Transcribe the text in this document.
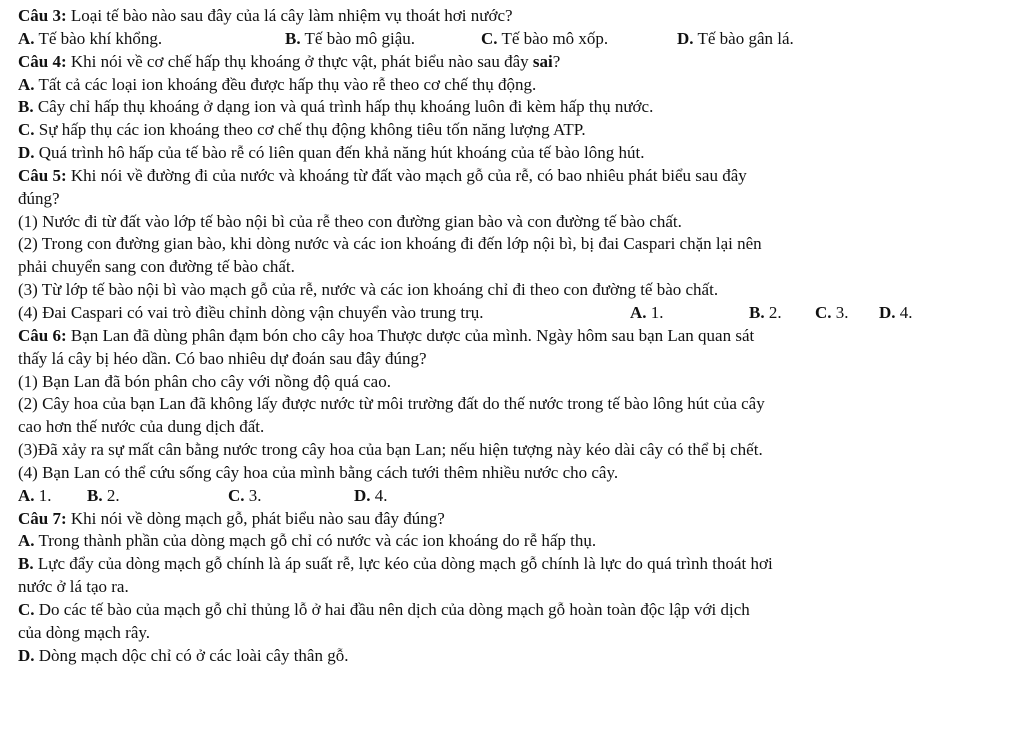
Câu 3: Loại tế bào nào sau đây của lá cây làm nhiệm vụ thoát hơi nước?
A. Tế bào khí khổng.	B. Tế bào mô giậu.	C. Tế bào mô xốp.	D. Tế bào gân lá.
Câu 4: Khi nói về cơ chế hấp thụ khoáng ở thực vật, phát biểu nào sau đây sai?
A. Tất cả các loại ion khoáng đều được hấp thụ vào rễ theo cơ chế thụ động.
B. Cây chỉ hấp thụ khoáng ở dạng ion và quá trình hấp thụ khoáng luôn đi kèm hấp thụ nước.
C. Sự hấp thụ các ion khoáng theo cơ chế thụ động không tiêu tốn năng lượng ATP.
D. Quá trình hô hấp của tế bào rễ có liên quan đến khả năng hút khoáng của tế bào lông hút.
Câu 5: Khi nói về đường đi của nước và khoáng từ đất vào mạch gỗ của rễ, có bao nhiêu phát biểu sau đây
đúng?
(1) Nước đi từ đất vào lớp tế bào nội bì của rễ theo con đường gian bào và con đường tế bào chất.
(2) Trong con đường gian bào, khi dòng nước và các ion khoáng đi đến lớp nội bì, bị đai Caspari chặn lại nên
phải chuyển sang con đường tế bào chất.
(3) Từ lớp tế bào nội bì vào mạch gỗ của rễ, nước và các ion khoáng chỉ đi theo con đường tế bào chất.
(4) Đai Caspari có vai trò điều chỉnh dòng vận chuyển vào trung trụ.	A. 1.	B. 2. C. 3. D. 4.
Câu 6: Bạn Lan đã dùng phân đạm bón cho cây hoa Thược dược của mình. Ngày hôm sau bạn Lan quan sát
thấy lá cây bị héo dần. Có bao nhiêu dự đoán sau đây đúng?
(1) Bạn Lan đã bón phân cho cây với nồng độ quá cao.
(2) Cây hoa của bạn Lan đã không lấy được nước từ môi trường đất do thế nước trong tế bào lông hút của cây
cao hơn thế nước của dung dịch đất.
(3)Đã xảy ra sự mất cân bằng nước trong cây hoa của bạn Lan; nếu hiện tượng này kéo dài cây có thể bị chết.
(4) Bạn Lan có thể cứu sống cây hoa của mình bằng cách tưới thêm nhiều nước cho cây.
A. 1. B. 2.	C. 3.	D. 4.
Câu 7: Khi nói về dòng mạch gỗ, phát biểu nào sau đây đúng?
A. Trong thành phần của dòng mạch gỗ chỉ có nước và các ion khoáng do rễ hấp thụ.
B. Lực đẩy của dòng mạch gỗ chính là áp suất rễ, lực kéo của dòng mạch gỗ chính là lực do quá trình thoát hơi
nước ở lá tạo ra.
C. Do các tế bào của mạch gỗ chỉ thủng lỗ ở hai đầu nên dịch của dòng mạch gỗ hoàn toàn độc lập với dịch
của dòng mạch rây.
D. Dòng mạch dộc chỉ có ở các loài cây thân gỗ.
